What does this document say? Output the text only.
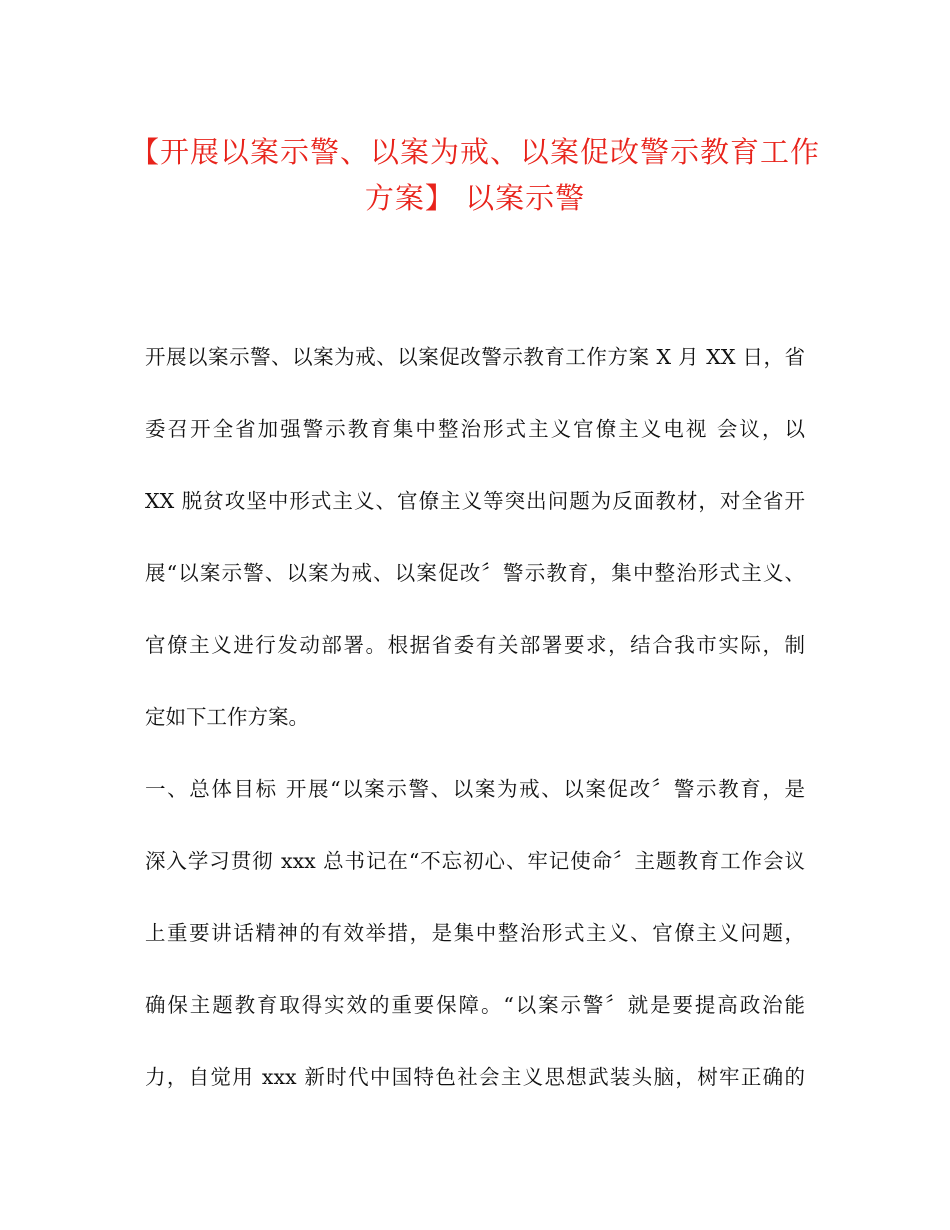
【开展以案示警、以案为戒、以案促改警示教育工作
方案】 以案示警
开展以案示警、以案为戒、以案促改警示教育工作方案 X 月 XX 日，省
委召开全省加强警示教育集中整治形式主义官僚主义电视 会议，以
XX 脱贫攻坚中形式主义、官僚主义等突出问题为反面教材，对全省开
展“以案示警、以案为戒、以案促改〞警示教育，集中整治形式主义、
官僚主义进行发动部署。根据省委有关部署要求，结合我市实际，制
定如下工作方案。
一、总体目标 开展“以案示警、以案为戒、以案促改〞警示教育，是
深入学习贯彻 xxx 总书记在“不忘初心、牢记使命〞主题教育工作会议
上重要讲话精神的有效举措，是集中整治形式主义、官僚主义问题，
确保主题教育取得实效的重要保障。“以案示警〞就是要提高政治能
力，自觉用 xxx 新时代中国特色社会主义思想武装头脑，树牢正确的
